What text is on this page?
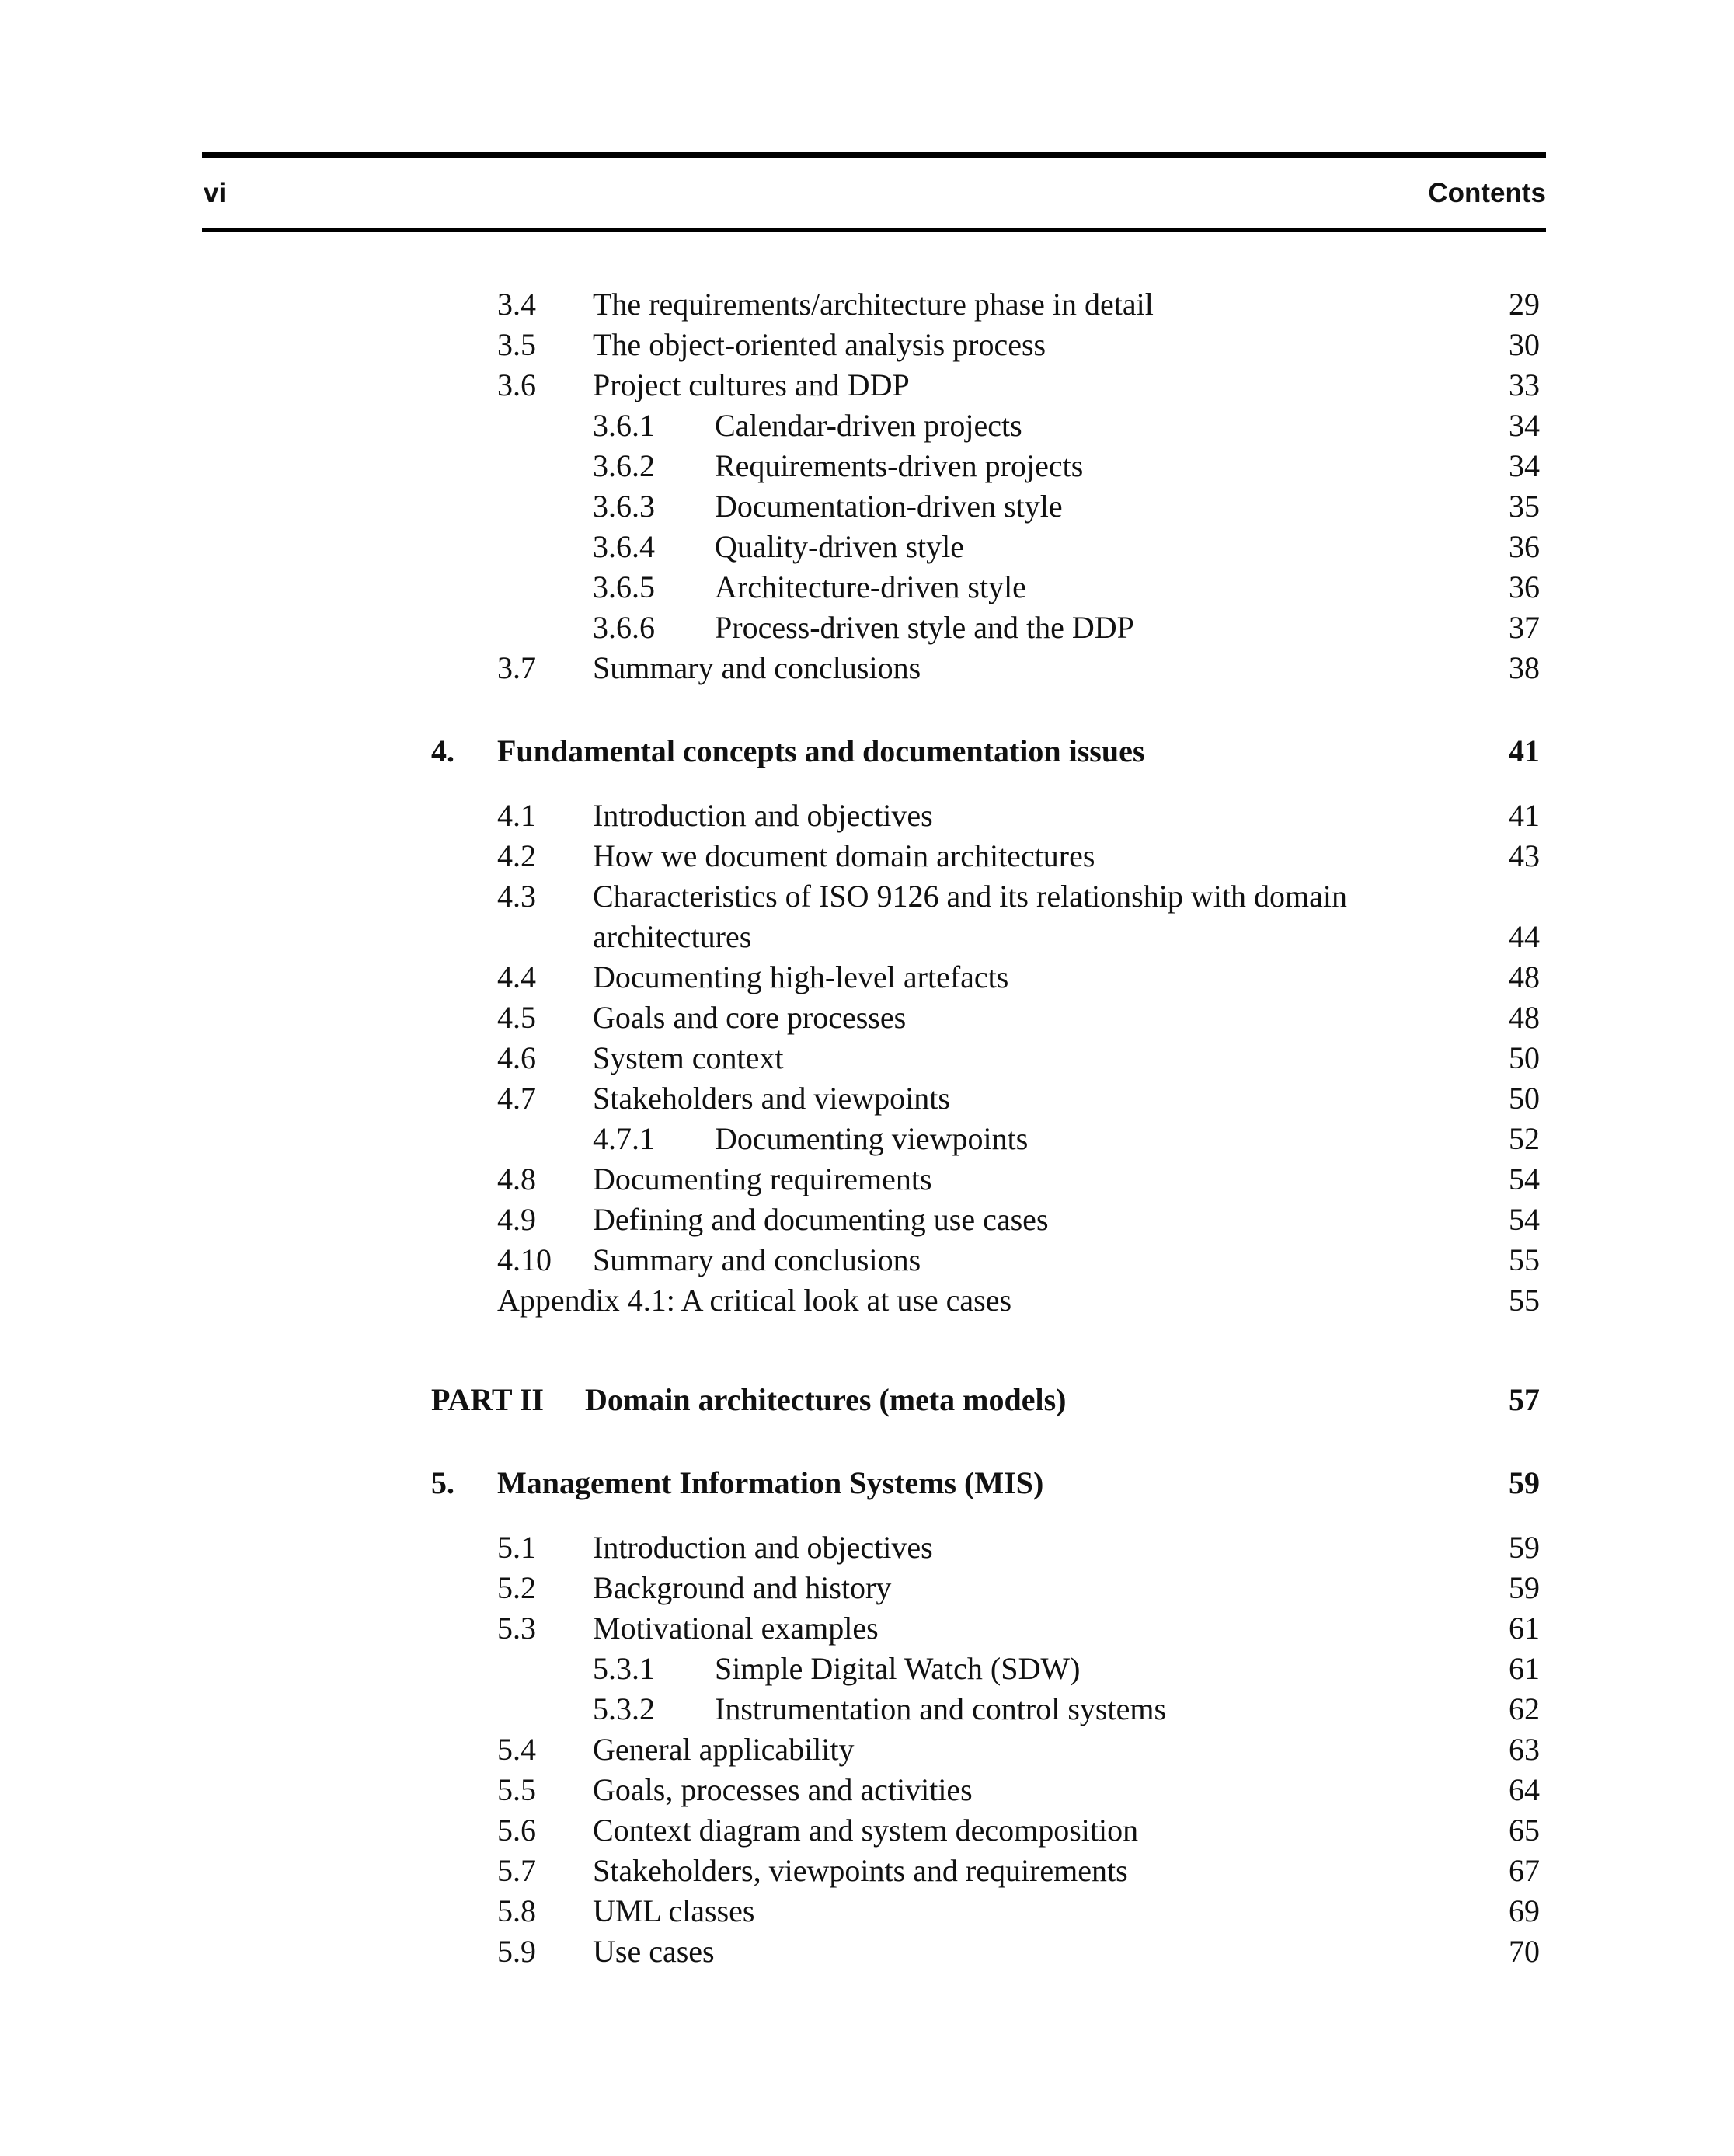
vi	Contents
3.4 The requirements/architecture phase in detail	29
3.5 The object-oriented analysis process	30
3.6 Project cultures and DDP	33
3.6.1 Calendar-driven projects	34
3.6.2 Requirements-driven projects	34
3.6.3 Documentation-driven style	35
3.6.4 Quality-driven style	36
3.6.5 Architecture-driven style	36
3.6.6 Process-driven style and the DDP	37
3.7 Summary and conclusions	38
4. Fundamental concepts and documentation issues	41
4.1 Introduction and objectives	41
4.2 How we document domain architectures	43
4.3 Characteristics of ISO 9126 and its relationship with domain
architectures	44
4.4 Documenting high-level artefacts	48
4.5 Goals and core processes	48
4.6 System context	50
4.7 Stakeholders and viewpoints	50
4.7.1 Documenting viewpoints	52
4.8 Documenting requirements	54
4.9 Defining and documenting use cases	54
4.10 Summary and conclusions	55
Appendix 4.1: A critical look at use cases	55
PART II Domain architectures (meta models)	57
5. Management Information Systems (MIS)	59
5.1 Introduction and objectives	59
5.2 Background and history	59
5.3 Motivational examples	61
5.3.1 Simple Digital Watch (SDW)	61
5.3.2 Instrumentation and control systems	62
5.4 General applicability	63
5.5 Goals, processes and activities	64
5.6 Context diagram and system decomposition	65
5.7 Stakeholders, viewpoints and requirements	67
5.8 UML classes	69
5.9 Use cases	70
